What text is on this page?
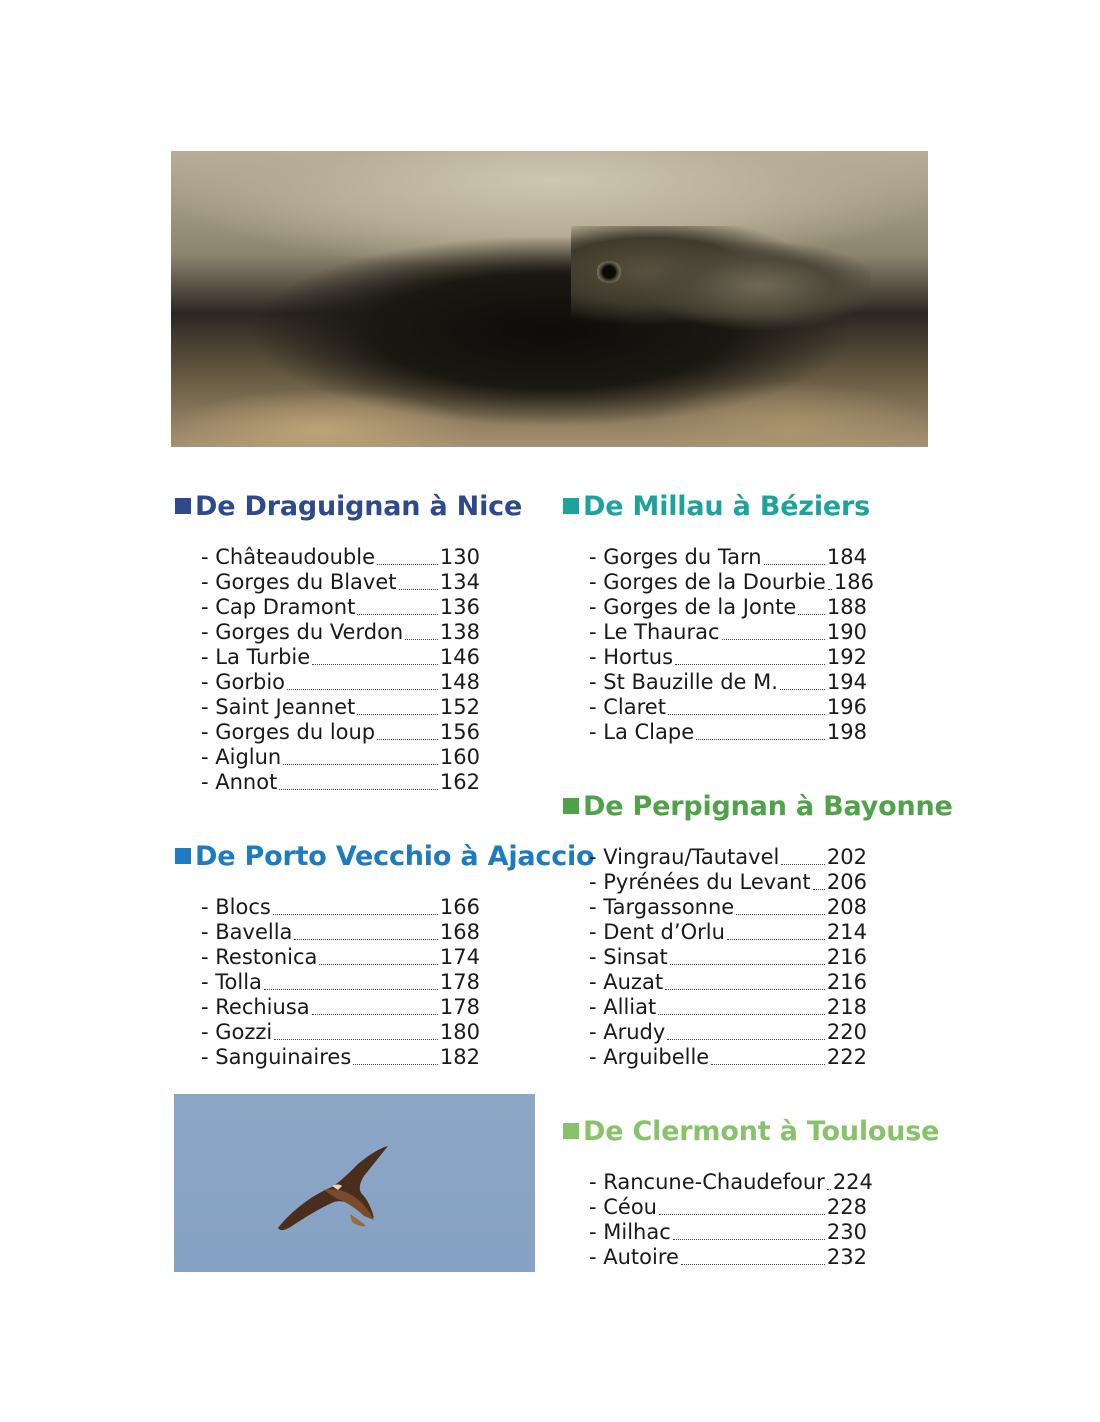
De Draguignan à Nice
- Châteaudouble	130
- Gorges du Blavet 134
- Cap Dramont	136
- Gorges du Verdon 138
- La Turbie	146
- Gorbio	148
- Saint Jeannet	152
- Gorges du loup	156
- Aiglun	160
- Annot	162
De Porto Vecchio à Ajaccio
- Blocs	166
- Bavella	168
- Restonica	174
- Tolla	178
- Rechiusa	178
- Gozzi	180
- Sanguinaires	182
De Millau à Béziers
- Gorges du Tarn	184
- Gorges de la Dourbie 186
- Gorges de la Jonte 188
- Le Thaurac	190
- Hortus	192
- St Bauzille de M. 194
- Claret	196
- La Clape	198
De Perpignan à Bayonne
- Vingrau/Tautavel 202
- Pyrénées du Levant 206
- Targassonne	208
- Dent d’Orlu	214
- Sinsat	216
- Auzat	216
- Alliat	218
- Arudy	220
- Arguibelle	222
De Clermont à Toulouse
- Rancune-Chaudefour 224
- Céou	228
- Milhac	230
- Autoire	232
